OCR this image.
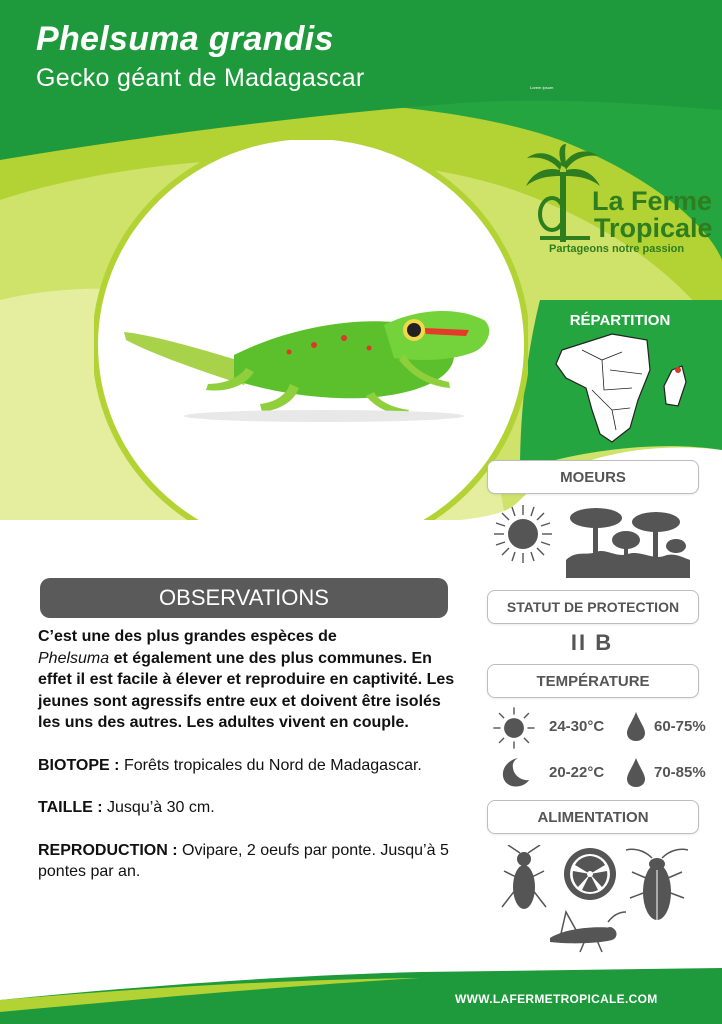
Phelsuma grandis
Gecko géant de Madagascar	Lorem Ipsum
La Ferme
Tropicale
Partageons notre passion
RÉPARTITION
MOEURS
OBSERVATIONS

C’est une des plus grandes espèces de
Phelsuma et également une des plus communes. En effet il est facile à élever et reproduire en captivité. Les jeunes sont agressifs entre eux et doivent être isolés les uns des autres. Les adultes vivent en couple.

BIOTOPE : Forêts tropicales du Nord de Madagascar.

TAILLE : Jusqu’à 30 cm.

REPRODUCTION : Ovipare, 2 oeufs par ponte. Jusqu’à 5 pontes par an.

STATUT DE PROTECTION
II B
TEMPÉRATURE
24-30°C	60-75%
20-22°C	70-85%
ALIMENTATION
WWW.LAFERMETROPICALE.COM
